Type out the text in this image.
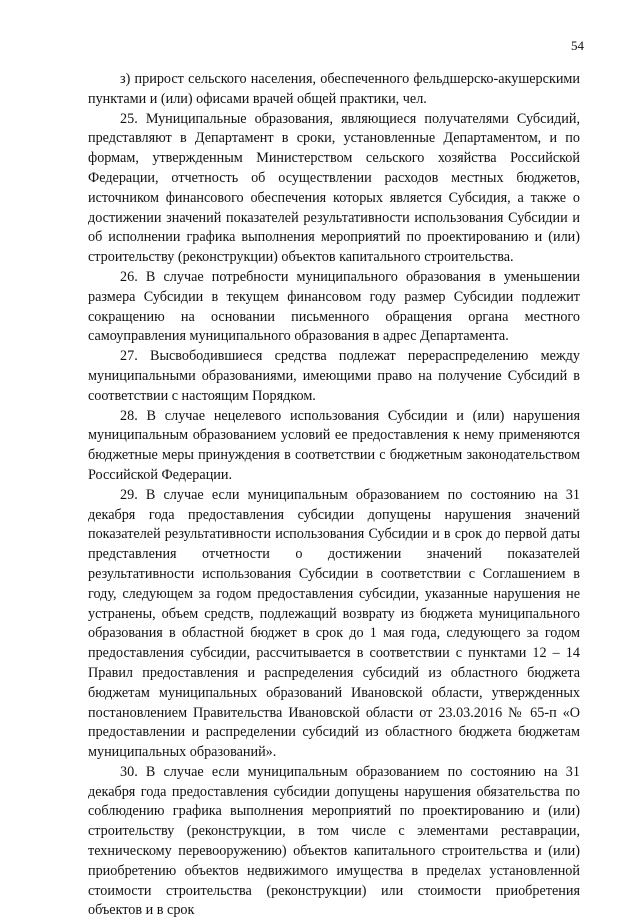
54

з) прирост сельского населения, обеспеченного фельдшерско-акушерскими пунктами и (или) офисами врачей общей практики, чел.

25. Муниципальные образования, являющиеся получателями Субсидий, представляют в Департамент в сроки, установленные Департаментом, и по формам, утвержденным Министерством сельского хозяйства Российской Федерации, отчетность об осуществлении расходов местных бюджетов, источником финансового обеспечения которых является Субсидия, а также о достижении значений показателей результативности использования Субсидии и об исполнении графика выполнения мероприятий по проектированию и (или) строительству (реконструкции) объектов капитального строительства.

26. В случае потребности муниципального образования в уменьшении размера Субсидии в текущем финансовом году размер Субсидии подлежит сокращению на основании письменного обращения органа местного самоуправления муниципального образования в адрес Департамента.

27. Высвободившиеся средства подлежат перераспределению между муниципальными образованиями, имеющими право на получение Субсидий в соответствии с настоящим Порядком.

28. В случае нецелевого использования Субсидии и (или) нарушения муниципальным образованием условий ее предоставления к нему применяются бюджетные меры принуждения в соответствии с бюджетным законодательством Российской Федерации.

29. В случае если муниципальным образованием по состоянию на 31 декабря года предоставления субсидии допущены нарушения значений показателей результативности использования Субсидии и в срок до первой даты представления отчетности о достижении значений показателей результативности использования Субсидии в соответствии с Соглашением в году, следующем за годом предоставления субсидии, указанные нарушения не устранены, объем средств, подлежащий возврату из бюджета муниципального образования в областной бюджет в срок до 1 мая года, следующего за годом предоставления субсидии, рассчитывается в соответствии с пунктами 12 – 14 Правил предоставления и распределения субсидий из областного бюджета бюджетам муниципальных образований Ивановской области, утвержденных постановлением Правительства Ивановской области от 23.03.2016 № 65-п «О предоставлении и распределении субсидий из областного бюджета бюджетам муниципальных образований».

30. В случае если муниципальным образованием по состоянию на 31 декабря года предоставления субсидии допущены нарушения обязательства по соблюдению графика выполнения мероприятий по проектированию и (или) строительству (реконструкции, в том числе с элементами реставрации, техническому перевооружению) объектов капитального строительства и (или) приобретению объектов недвижимого имущества в пределах установленной стоимости строительства (реконструкции) или стоимости приобретения объектов и в срок
